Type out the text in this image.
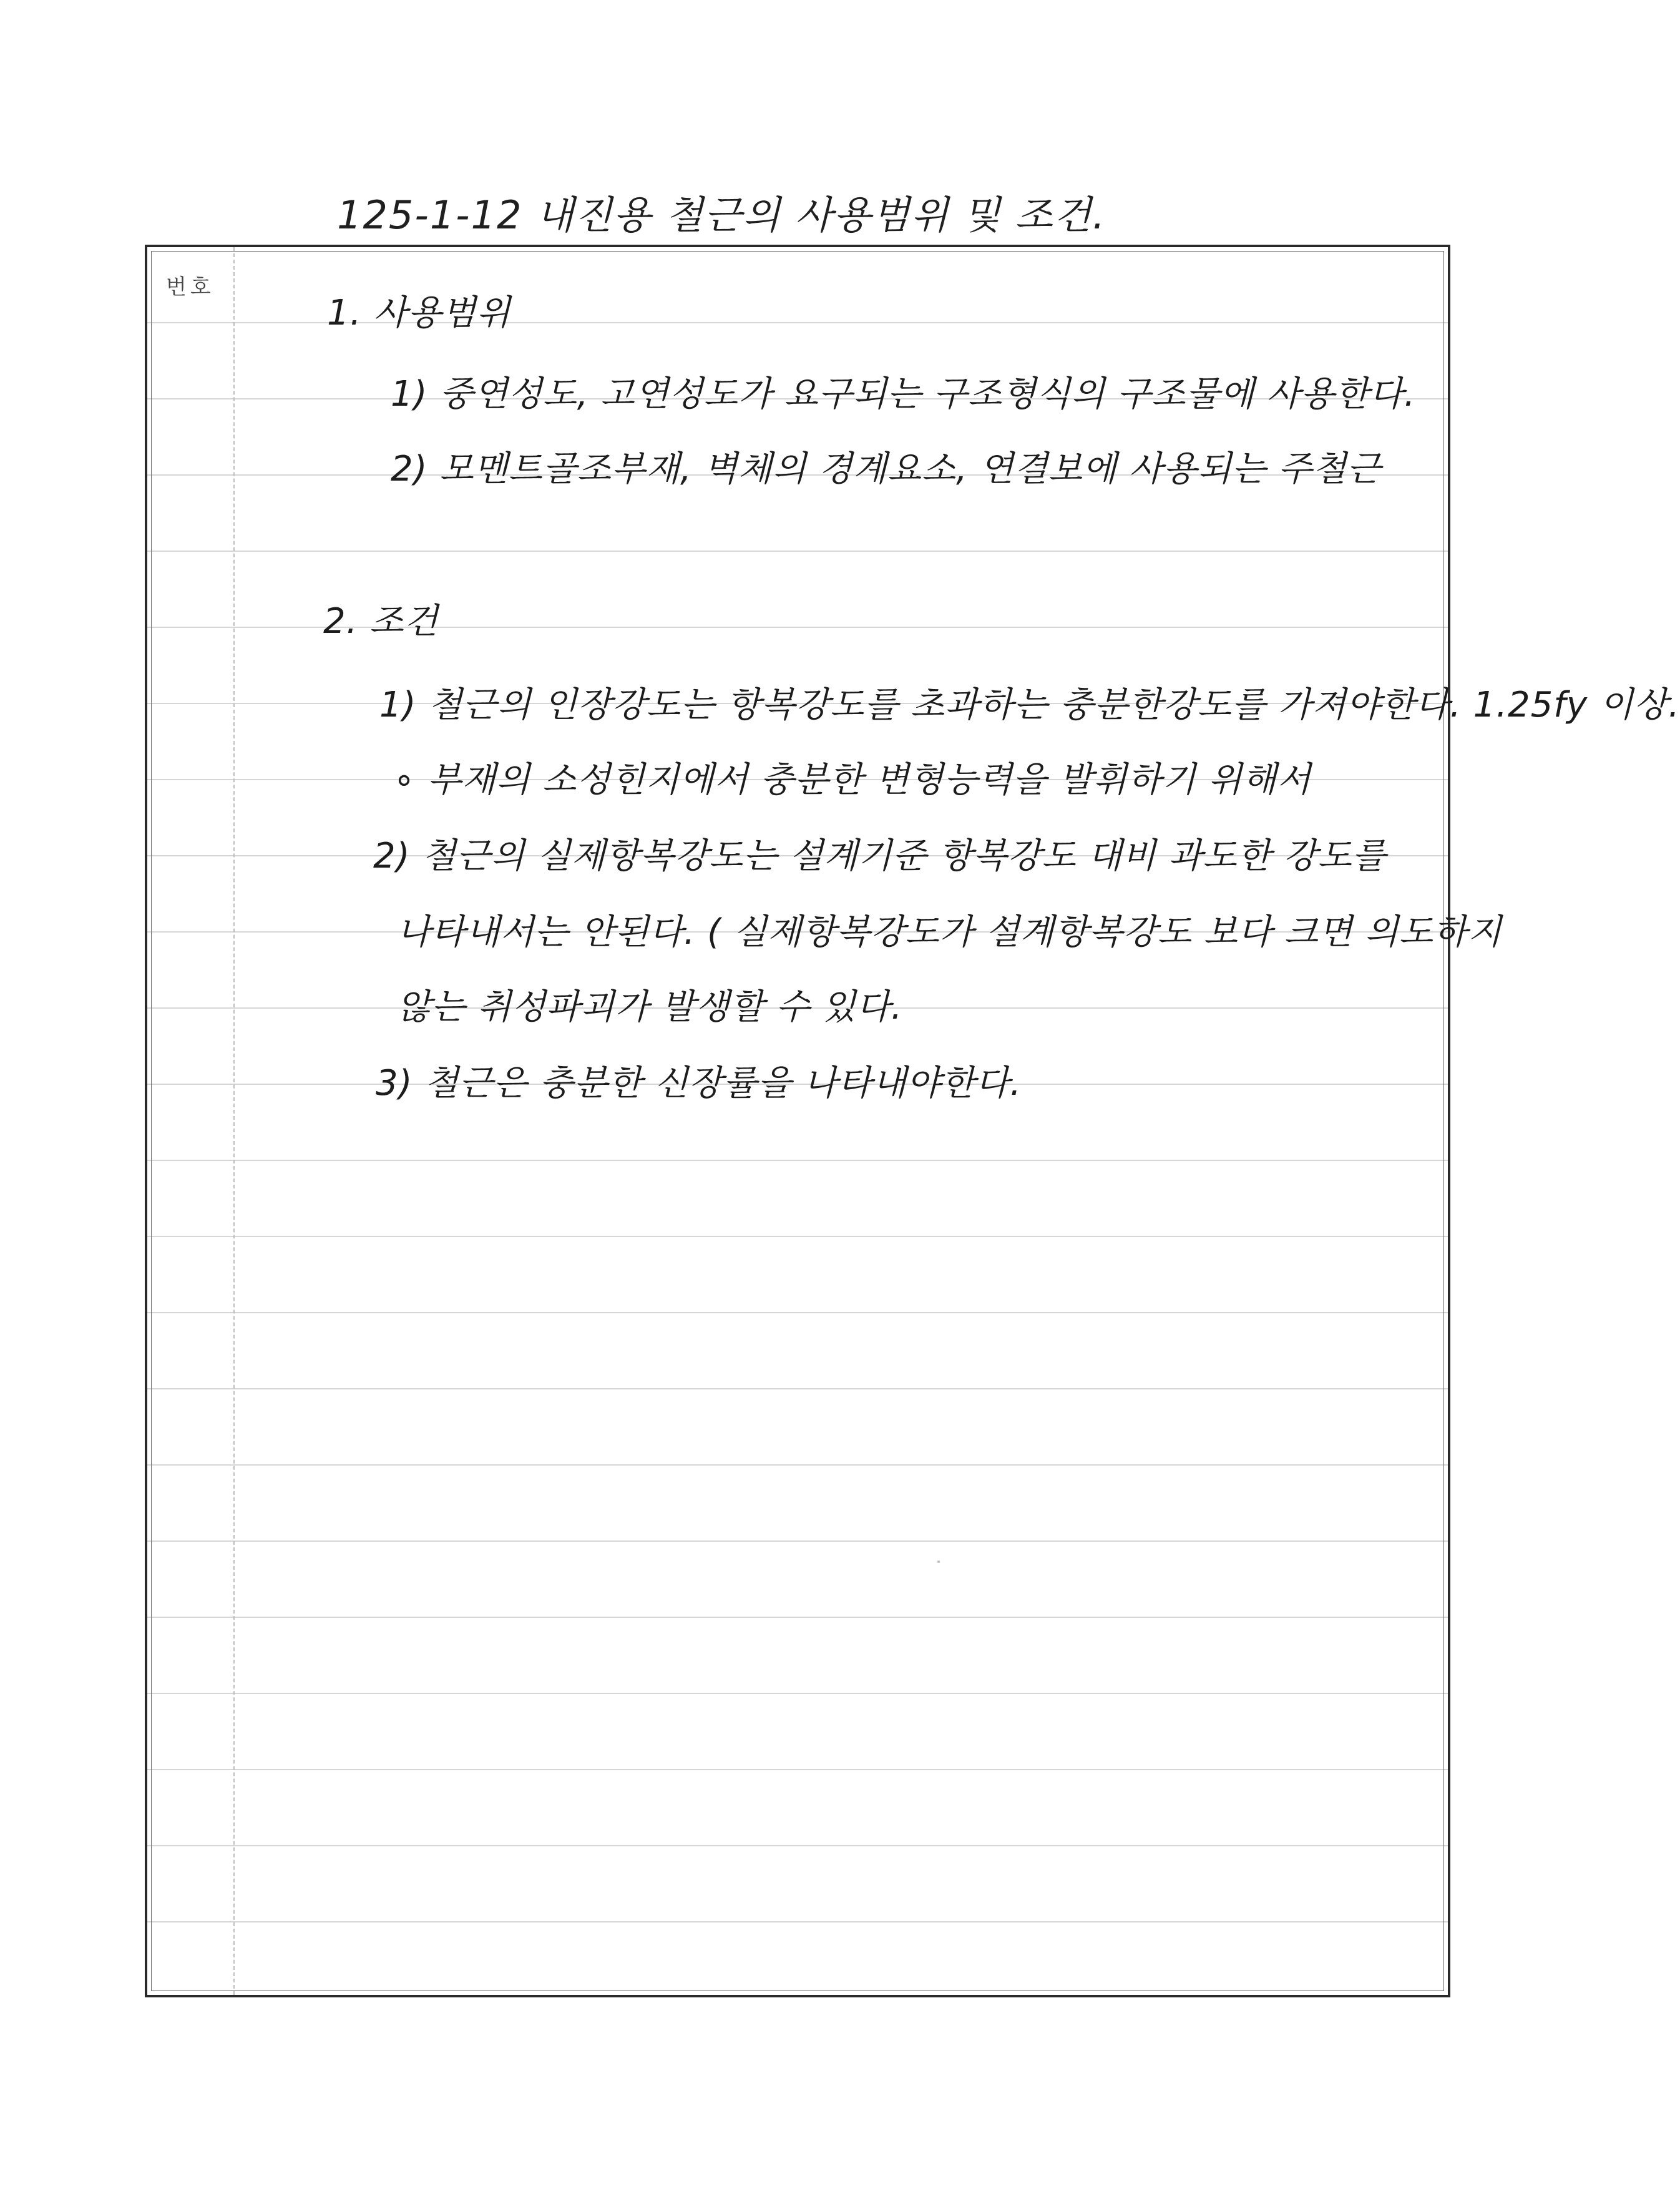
125-1-12 내진용 철근의 사용범위 및 조건.
번호
1. 사용범위
1) 중연성도, 고연성도가 요구되는 구조형식의 구조물에 사용한다.
2) 모멘트골조부재, 벽체의 경계요소, 연결보에 사용되는 주철근
2. 조건
1) 철근의 인장강도는 항복강도를 초과하는 충분한강도를 가져야한다. 1.25fy 이상.
∘ 부재의 소성힌지에서 충분한 변형능력을 발휘하기 위해서
2) 철근의 실제항복강도는 설계기준 항복강도 대비 과도한 강도를
나타내서는 안된다. ( 실제항복강도가 설계항복강도 보다 크면 의도하지
않는 취성파괴가 발생할 수 있다.
3) 철근은 충분한 신장률을 나타내야한다.
